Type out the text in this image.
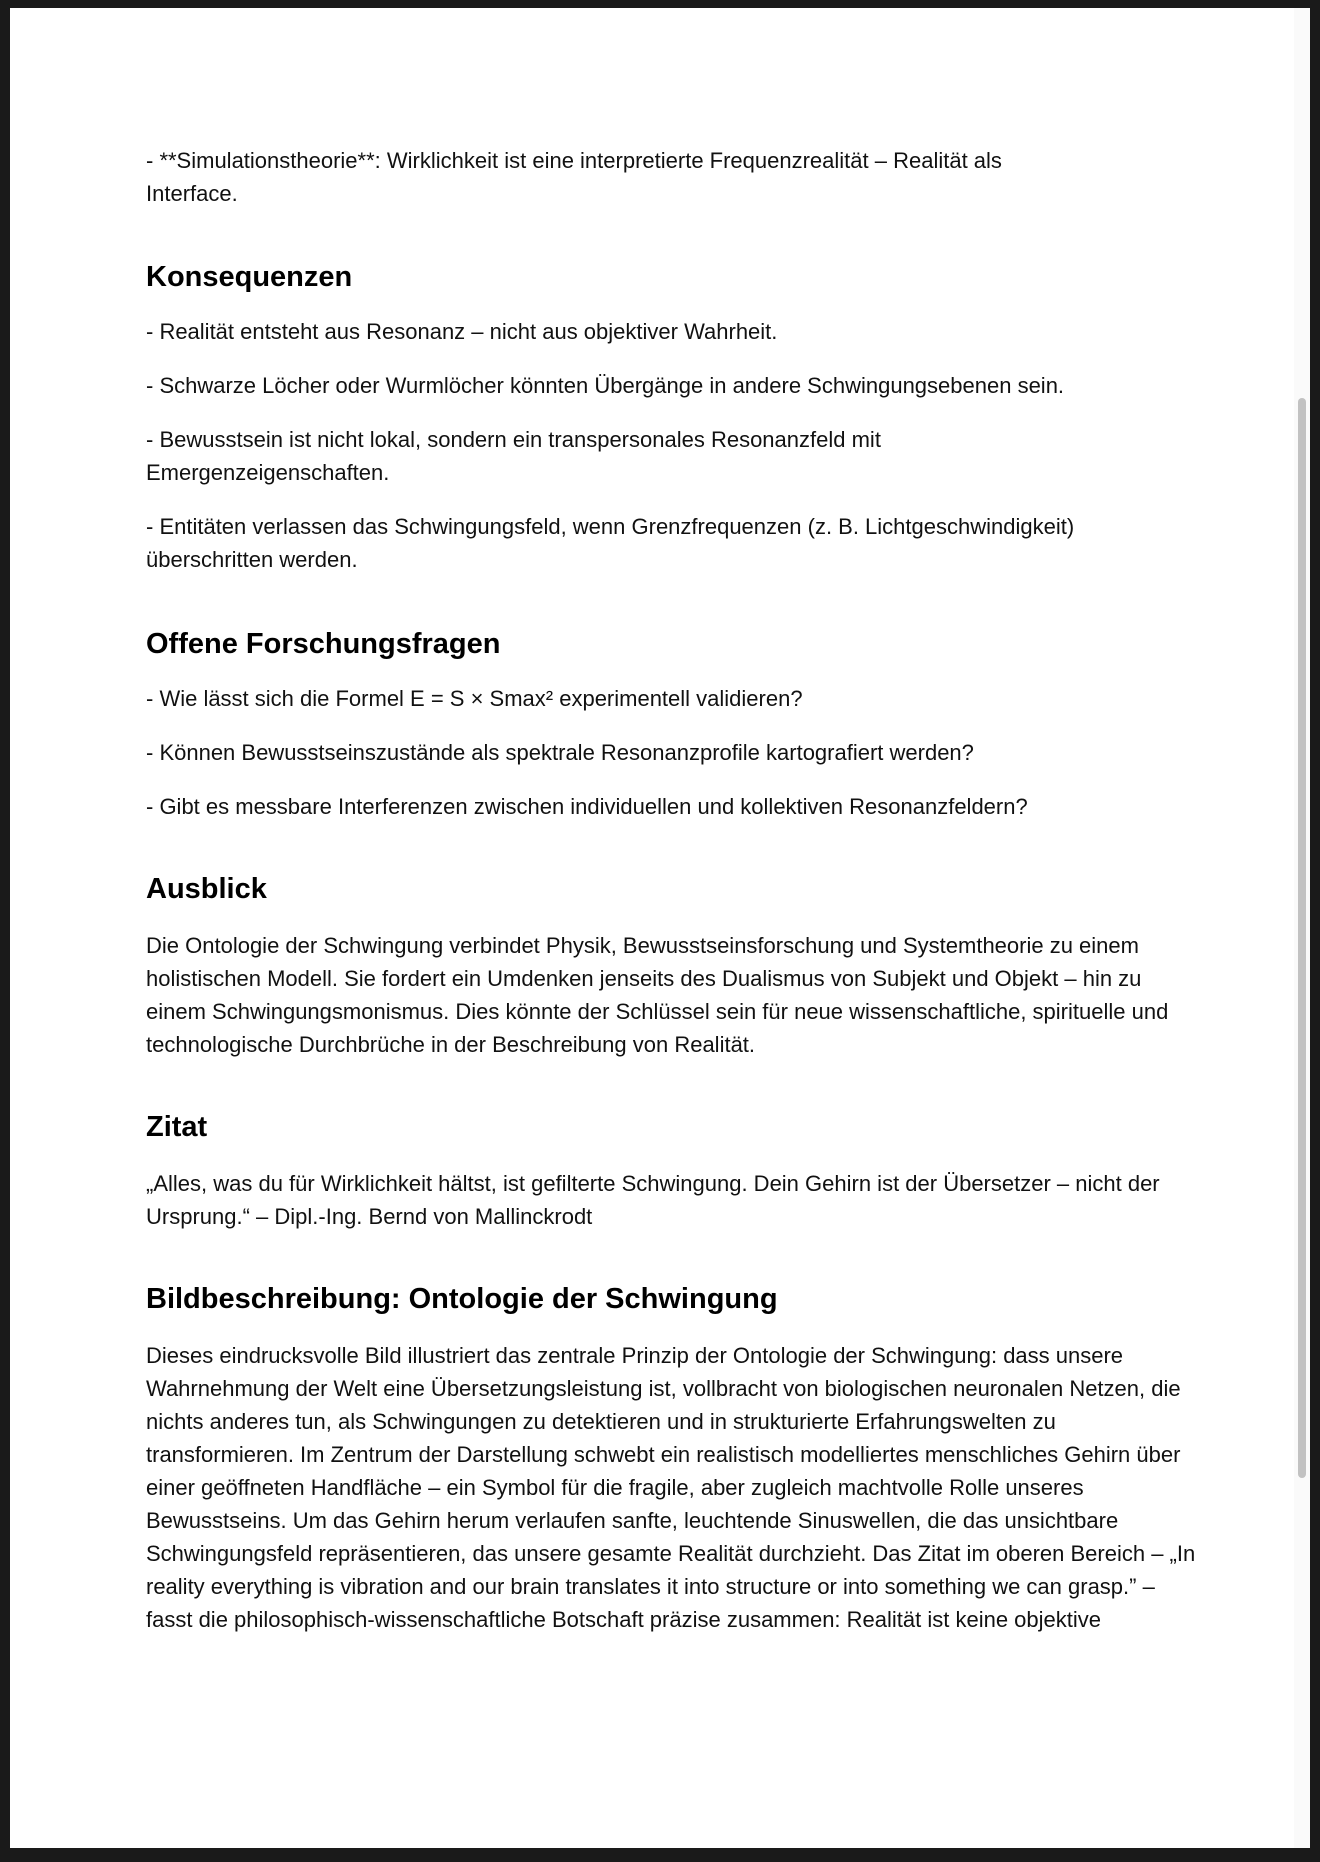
- **Simulationstheorie**: Wirklichkeit ist eine interpretierte Frequenzrealität – Realität als Interface.

Konsequenzen

- Realität entsteht aus Resonanz – nicht aus objektiver Wahrheit.

- Schwarze Löcher oder Wurmlöcher könnten Übergänge in andere Schwingungsebenen sein.

- Bewusstsein ist nicht lokal, sondern ein transpersonales Resonanzfeld mit Emergenzeigenschaften.

- Entitäten verlassen das Schwingungsfeld, wenn Grenzfrequenzen (z. B. Lichtgeschwindigkeit) überschritten werden.

Offene Forschungsfragen

- Wie lässt sich die Formel E = S × Smax² experimentell validieren?

- Können Bewusstseinszustände als spektrale Resonanzprofile kartografiert werden?

- Gibt es messbare Interferenzen zwischen individuellen und kollektiven Resonanzfeldern?

Ausblick

Die Ontologie der Schwingung verbindet Physik, Bewusstseinsforschung und Systemtheorie zu einem holistischen Modell. Sie fordert ein Umdenken jenseits des Dualismus von Subjekt und Objekt – hin zu einem Schwingungsmonismus. Dies könnte der Schlüssel sein für neue wissenschaftliche, spirituelle und technologische Durchbrüche in der Beschreibung von Realität.

Zitat

„Alles, was du für Wirklichkeit hältst, ist gefilterte Schwingung. Dein Gehirn ist der Übersetzer – nicht der Ursprung.“ – Dipl.-Ing. Bernd von Mallinckrodt

Bildbeschreibung: Ontologie der Schwingung

Dieses eindrucksvolle Bild illustriert das zentrale Prinzip der Ontologie der Schwingung: dass unsere Wahrnehmung der Welt eine Übersetzungsleistung ist, vollbracht von biologischen neuronalen Netzen, die nichts anderes tun, als Schwingungen zu detektieren und in strukturierte Erfahrungswelten zu transformieren. Im Zentrum der Darstellung schwebt ein realistisch modelliertes menschliches Gehirn über einer geöffneten Handfläche – ein Symbol für die fragile, aber zugleich machtvolle Rolle unseres Bewusstseins. Um das Gehirn herum verlaufen sanfte, leuchtende Sinuswellen, die das unsichtbare Schwingungsfeld repräsentieren, das unsere gesamte Realität durchzieht. Das Zitat im oberen Bereich – „In reality everything is vibration and our brain translates it into structure or into something we can grasp.” – fasst die philosophisch-wissenschaftliche Botschaft präzise zusammen: Realität ist keine objektive
